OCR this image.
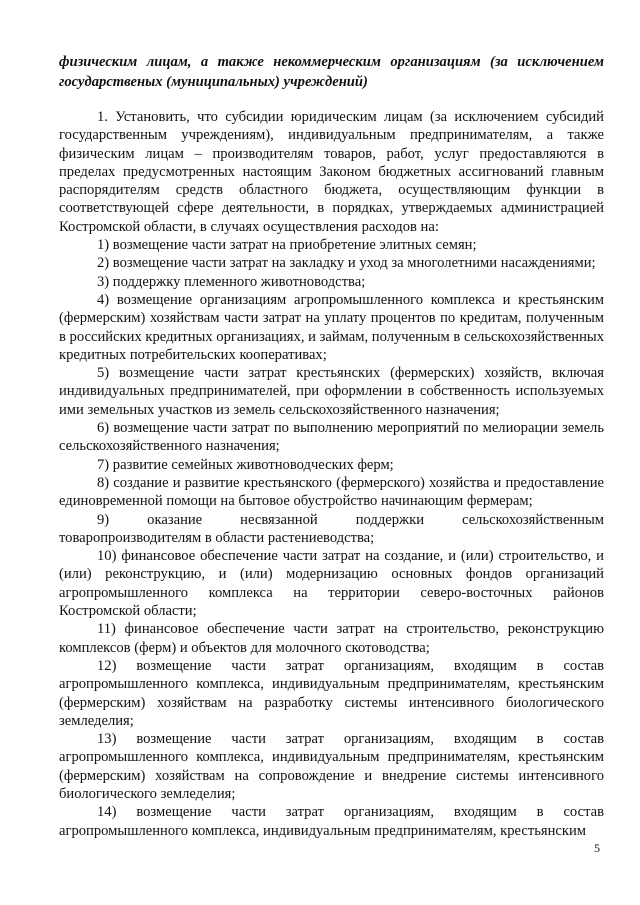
физическим лицам, а также некоммерческим организациям (за исключением государственых (муниципальных) учреждений)

1. Установить, что субсидии юридическим лицам (за исключением субсидий государственным учреждениям), индивидуальным предпринимателям, а также физическим лицам – производителям товаров, работ, услуг предоставляются в пределах предусмотренных настоящим Законом бюджетных ассигнований главным распорядителям средств областного бюджета, осуществляющим функции в соответствующей сфере деятельности, в порядках, утверждаемых администрацией Костромской области, в случаях осуществления расходов на:

1) возмещение части затрат на приобретение элитных семян;

2) возмещение части затрат на закладку и уход за многолетними насаждениями;

3) поддержку племенного животноводства;

4) возмещение организациям агропромышленного комплекса и крестьянским (фермерским) хозяйствам части затрат на уплату процентов по кредитам, полученным в российских кредитных организациях, и займам, полученным в сельскохозяйственных кредитных потребительских кооперативах;

5) возмещение части затрат крестьянских (фермерских) хозяйств, включая индивидуальных предпринимателей, при оформлении в собственность используемых ими земельных участков из земель сельскохозяйственного назначения;

6) возмещение части затрат по выполнению мероприятий по мелиорации земель сельскохозяйственного назначения;

7) развитие семейных животноводческих ферм;

8) создание и развитие крестьянского (фермерского) хозяйства и предоставление единовременной помощи на бытовое обустройство начинающим фермерам;

9) оказание несвязанной поддержки сельскохозяйственным товаропроизводителям в области растениеводства;

10) финансовое обеспечение части затрат на создание, и (или) строительство, и (или) реконструкцию, и (или) модернизацию основных фондов организаций агропромышленного комплекса на территории северо-восточных районов Костромской области;

11) финансовое обеспечение части затрат на строительство, реконструкцию комплексов (ферм) и объектов для молочного скотоводства;

12) возмещение части затрат организациям, входящим в состав агропромышленного комплекса, индивидуальным предпринимателям, крестьянским (фермерским) хозяйствам на разработку системы интенсивного биологического земледелия;

13) возмещение части затрат организациям, входящим в состав агропромышленного комплекса, индивидуальным предпринимателям, крестьянским (фермерским) хозяйствам на сопровождение и внедрение системы интенсивного биологического земледелия;

14) возмещение части затрат организациям, входящим в состав агропромышленного комплекса, индивидуальным предпринимателям, крестьянским

5
